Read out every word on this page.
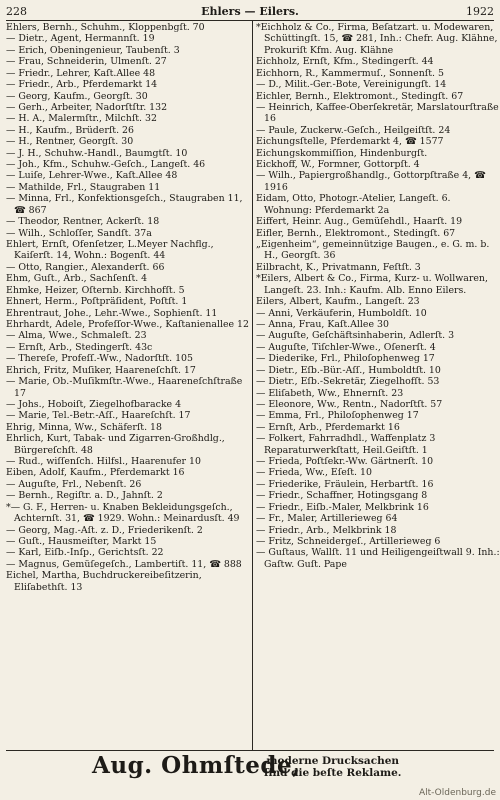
228	Ehlers — Eilers.	1922
Ehlers, Bernh., Schuhm., Kloppenbgſt. 70
— Dietr., Agent, Hermannſt. 19
— Erich, Obeningenieur, Taubenſt. 3
— Frau, Schneiderin, Ulmenſt. 27
— Friedr., Lehrer, Kaſt.Allee 48
— Friedr., Arb., Pferdemarkt 14
— Georg, Kaufm., Georgſt. 30
— Gerh., Arbeiter, Nadorſtſtr. 132
— H. A., Malermſtr., Milchſt. 32
— H., Kaufm., Brüderſt. 26
— H., Rentner, Georgſt. 30
— J. H., Schuhw.-Handl., Baumgtſt. 10
— Joh., Kfm., Schuhw.-Geſch., Langeſt. 46
— Luiſe, Lehrer-Wwe., Kaſt.Allee 48
— Mathilde, Frl., Staugraben 11
— Minna, Frl., Konfektionsgeſch., Staugraben 11, ☎ 867
— Theodor, Rentner, Ackerſt. 18
— Wilh., Schloſſer, Sandſt. 37a
Ehlert, Ernſt, Ofenſetzer, L.Meyer Nachflg., Kaiſerſt. 14, Wohn.: Bogenſt. 44
— Otto, Rangier., Alexanderſt. 66
Ehm, Guſt., Arb., Sachſenſt. 4
Ehmke, Heizer, Oſternb. Kirchhofſt. 5
Ehnert, Herm., Poſtpräſident, Poſtſt. 1
Ehrentraut, Johe., Lehr.-Wwe., Sophienſt. 11
Ehrhardt, Adele, Profeſſor-Wwe., Kaſtanienallee 12
— Alma, Wwe., Schmaleſt. 23
— Ernſt, Arb., Stedingerſt. 43c
— Thereſe, Profeſſ.-Ww., Nadorſtſt. 105
Ehrich, Fritz, Muſiker, Haarenеſchſt. 17
— Marie, Ob.-Muſikmſtr.-Wwe., Haareneſchſtraße 17
— Johs., Hoboiſt, Ziegelhofbaracke 4
— Marie, Tel.-Betr.-Aſſ., Haareſchſt. 17
Ehrig, Minna, Ww., Schäferſt. 18
Ehrlich, Kurt, Tabak- und Zigarren-Großhdlg., Bürgereſchſt. 48
— Rud., wiſſenſch. Hilfsl., Haarenufer 10
Eiben, Adolf, Kaufm., Pferdemarkt 16
— Auguſte, Frl., Nebenſt. 26
— Bernh., Regiſtr. a. D., Jahnſt. 2
*— G. F., Herren- u. Knaben Bekleidungsgeſch., Achternſt. 31, ☎ 1929. Wohn.: Meinardusſt. 49
— Georg, Mag.-Aſt. z. D., Friederikenſt. 2
— Guſt., Hausmeiſter, Markt 15
— Karl, Eiſb.-Inſp., Gerichtsſt. 22
— Magnus, Gemüſegeſch., Lambertiſt. 11, ☎ 888
Eichel, Martha, Buchdruckereibeſitzerin, Eliſabethſt. 13
*Eichholz & Co., Firma, Beſatzart. u. Modewaren, Schüttingſt. 15, ☎ 281, Inh.: Chefr. Aug. Klähne, Prokuriſt Kfm. Aug. Klähne
Eichholz, Ernſt, Kfm., Stedingerſt. 44
Eichhorn, R., Kammermuſ., Sonnenſt. 5
— D., Milit.-Ger.-Bote, Vereinigungſt. 14
Eichler, Bernh., Elektromont., Stedingſt. 67
— Heinrich, Kaffee-Oberſekretär, Marslatourſtraße 16
— Paule, Zuckerw.-Geſch., Heilgeiſtſt. 24
Eichungsſtelle, Pferdemarkt 4, ☎ 1577
Eichungskommiſſion, Hindenburgſt.
Eickhoff, W., Formner, Gottorpſt. 4
— Wilh., Papiergroßhandlg., Gottorpſtraße 4, ☎ 1916
Eidam, Otto, Photogr.-Atelier, Langeſt. 6. Wohnung: Pferdemarkt 2a
Eiffert, Heinr. Aug., Gemüſehdl., Haarſt. 19
Eifler, Bernh., Elektromont., Stedingſt. 67
„Eigenheim“, gemeinnützige Baugen., e. G. m. b. H., Georgſt. 36
Eilbracht, K., Privatmann, Feſtſt. 3
*Eilers, Albert & Co., Firma, Kurz- u. Wollwaren, Langeſt. 23. Inh.: Kaufm. Alb. Enno Eilers.
Eilers, Albert, Kaufm., Langeſt. 23
— Anni, Verkäuferin, Humboldſt. 10
— Anna, Frau, Kaſt.Allee 30
— Auguſte, Geſchäftsinhaberin, Adlerſt. 3
— Auguſte, Tiſchler-Wwe., Oſenerſt. 4
— Diederike, Frl., Philoſophenweg 17
— Dietr., Eſb.-Bür.-Aſſ., Humboldtſt. 10
— Dietr., Eſb.-Sekretär, Ziegelhofſt. 53
— Eliſabeth, Ww., Ehnernſt. 23
— Eleonore, Ww., Rentn., Nadorſtſt. 57
— Emma, Frl., Philoſophenweg 17
— Ernſt, Arb., Pferdemarkt 16
— Folkert, Fahrradhdl., Waffenplatz 3 Reparaturwerkſtatt, Heil.Geiſtſt. 1
— Frieda, Poſtſekr.-Ww. Gärtnerſt. 10
— Frieda, Ww., Eſeſt. 10
— Friederike, Fräulein, Herbartſt. 16
— Friedr., Schaffner, Hotingsgang 8
— Friedr., Eiſb.-Maler, Melkbrink 16
— Fr., Maler, Artillerieweg 64
— Friedr., Arb., Melkbrink 18
— Fritz, Schneidergeſ., Artillerieweg 6
— Guſtaus, Wallſt. 11 und Heiligengeiſtwall 9. Inh.: Gaſtw. Guſt. Pape
Aug. Ohmſtede,
moderne Drucksachen
ſind die beſte Reklame.
Alt-Oldenburg.de
